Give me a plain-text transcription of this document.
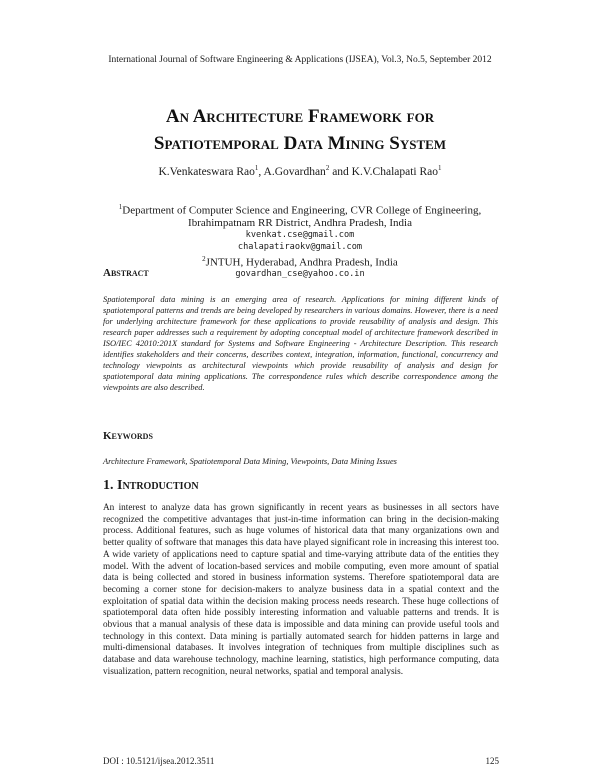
International Journal of Software Engineering & Applications (IJSEA), Vol.3, No.5, September 2012
An Architecture Framework for
Spatiotemporal Data Mining System
K.Venkateswara Rao$^1$, A.Govardhan$^2$ and K.V.Chalapati Rao$^1$
$^1$Department of Computer Science and Engineering, CVR College of Engineering,
Ibrahimpatnam RR District, Andhra Pradesh, India
kvenkat.cse@gmail.com
chalapatiraokv@gmail.com
$^2$JNTUH, Hyderabad, Andhra Pradesh, India
govardhan_cse@yahoo.co.in
Abstract
Spatiotemporal data mining is an emerging area of research. Applications for mining different kinds of spatiotemporal patterns and trends are being developed by researchers in various domains. However, there is a need for underlying architecture framework for these applications to provide reusability of analysis and design. This research paper addresses such a requirement by adopting conceptual model of architecture framework described in ISO/IEC 42010:201X standard for Systems and Software Engineering - Architecture Description. This research identifies stakeholders and their concerns, describes context, integration, information, functional, concurrency and technology viewpoints as architectural viewpoints which provide reusability of analysis and design for spatiotemporal data mining applications. The correspondence rules which describe correspondence among the viewpoints are also described.
Keywords
Architecture Framework, Spatiotemporal Data Mining, Viewpoints, Data Mining Issues
1. Introduction
An interest to analyze data has grown significantly in recent years as businesses in all sectors have recognized the competitive advantages that just-in-time information can bring in the decision-making process. Additional features, such as huge volumes of historical data that many organizations own and better quality of software that manages this data have played significant role in increasing this interest too. A wide variety of applications need to capture spatial and time-varying attribute data of the entities they model. With the advent of location-based services and mobile computing, even more amount of spatial data is being collected and stored in business information systems. Therefore spatiotemporal data are becoming a corner stone for decision-makers to analyze business data in a spatial context and the exploitation of spatial data within the decision making process needs research. These huge collections of spatiotemporal data often hide possibly interesting information and valuable patterns and trends. It is obvious that a manual analysis of these data is impossible and data mining can provide useful tools and technology in this context. Data mining is partially automated search for hidden patterns in large and multi-dimensional databases. It involves integration of techniques from multiple disciplines such as database and data warehouse technology, machine learning, statistics, high performance computing, data visualization, pattern recognition, neural networks, spatial and temporal analysis.
DOI : 10.5121/ijsea.2012.3511	125
